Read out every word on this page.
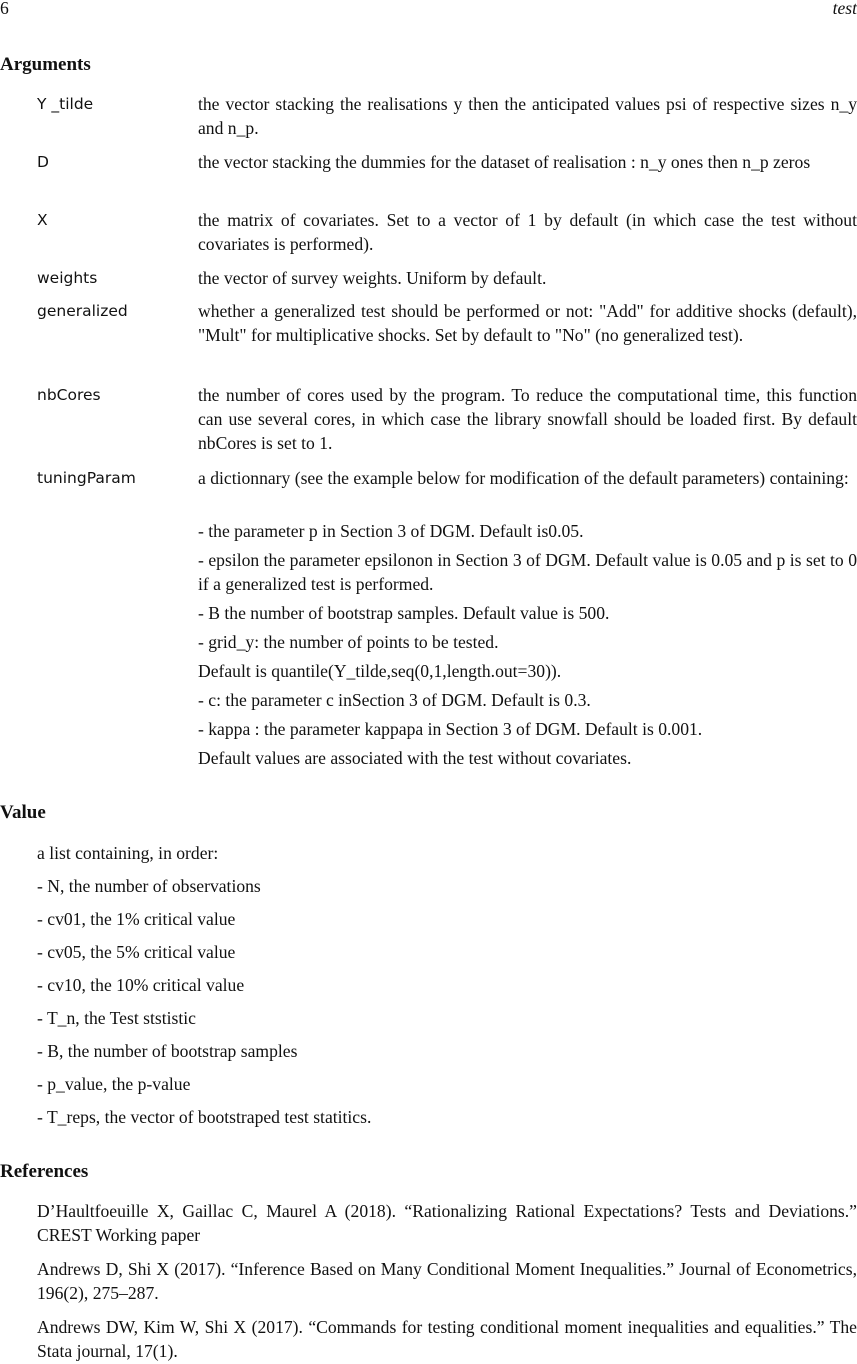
6	test
Arguments
Y _tilde	the vector stacking the realisations y then the anticipated values psi of respective sizes n_y and n_p.
D	the vector stacking the dummies for the dataset of realisation : n_y ones then n_p zeros
X	the matrix of covariates. Set to a vector of 1 by default (in which case the test without covariates is performed).
weights	the vector of survey weights. Uniform by default.
generalized	whether a generalized test should be performed or not: "Add" for additive shocks (default), "Mult" for multiplicative shocks. Set by default to "No" (no generalized test).
nbCores	the number of cores used by the program. To reduce the computational time, this function can use several cores, in which case the library snowfall should be loaded first. By default nbCores is set to 1.
tuningParam	a dictionnary (see the example below for modification of the default parameters) containing:
- the parameter p in Section 3 of DGM. Default is0.05.
- epsilon the parameter epsilonon in Section 3 of DGM. Default value is 0.05 and p is set to 0 if a generalized test is performed.
- B the number of bootstrap samples. Default value is 500.
- grid_y: the number of points to be tested.
Default is quantile(Y_tilde,seq(0,1,length.out=30)).
- c: the parameter c inSection 3 of DGM. Default is 0.3.
- kappa : the parameter kappapa in Section 3 of DGM. Default is 0.001.
Default values are associated with the test without covariates.
Value
a list containing, in order:
- N, the number of observations
- cv01, the 1% critical value
- cv05, the 5% critical value
- cv10, the 10% critical value
- T_n, the Test ststistic
- B, the number of bootstrap samples
- p_value, the p-value
- T_reps, the vector of bootstraped test statitics.
References
D’Haultfoeuille X, Gaillac C, Maurel A (2018). “Rationalizing Rational Expectations? Tests and Deviations.” CREST Working paper
Andrews D, Shi X (2017). “Inference Based on Many Conditional Moment Inequalities.” Journal of Econometrics, 196(2), 275–287.
Andrews DW, Kim W, Shi X (2017). “Commands for testing conditional moment inequalities and equalities.” The Stata journal, 17(1).
